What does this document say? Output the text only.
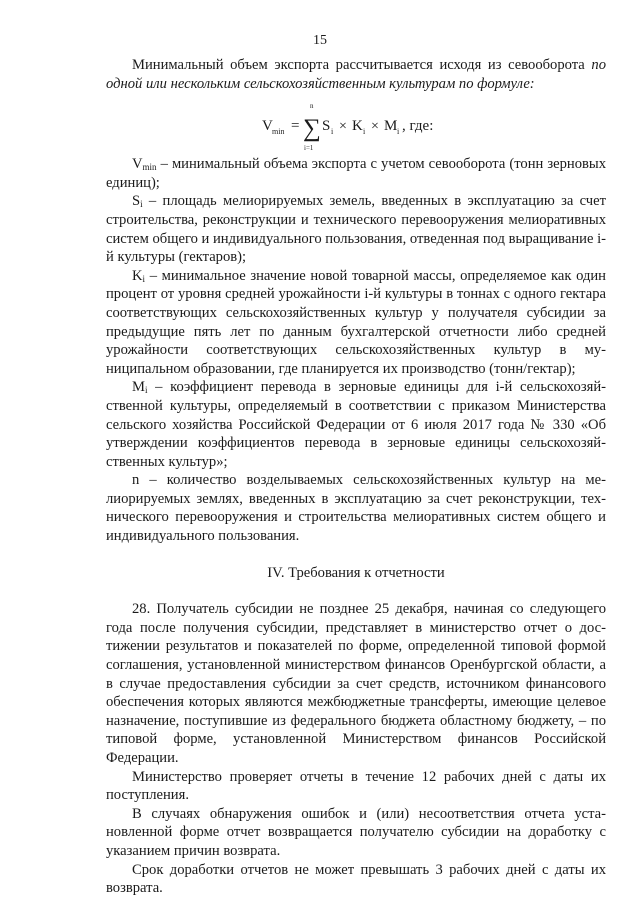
15

Минимальный объем экспорта рассчитывается исходя из севооборота по одной или нескольким сельскохозяйственным культурам по формуле:

V min =
n
∑
i=1
S i × K i × M i , где:

$V_{min}$ – минимальный объема экспорта с учетом севооборота (тонн зерновых единиц);

$S_i$ – площадь мелиорируемых земель, введенных в эксплуатацию за счет строительства, реконструкции и технического перевооружения мелиоративных систем общего и индивидуального пользования, отведенная под выращивание i-й культуры (гектаров);

$K_i$ – минимальное значение новой товарной массы, определяемое как один процент от уровня средней урожайности i-й культуры в тоннах с одного гектара соответствующих сельскохозяйственных культур у получателя субсидии за предыдущие пять лет по данным бухгалтерской отчетности либо средней урожайности соответствующих сельскохозяйственных культур в муниципальном образовании, где планируется их производство (тонн/гектар);

$M_i$ – коэффициент перевода в зерновые единицы для i-й сельскохозяйственной культуры, определяемый в соответствии с приказом Министерства сельского хозяйства Российской Федерации от 6 июля 2017 года № 330 «Об утверждении коэффициентов перевода в зерновые единицы сельскохозяйственных культур»;

n – количество возделываемых сельскохозяйственных культур на мелиорируемых землях, введенных в эксплуатацию за счет реконструкции, технического перевооружения и строительства мелиоративных систем общего и индивидуального пользования.

IV. Требования к отчетности

28. Получатель субсидии не позднее 25 декабря, начиная со следующего года после получения субсидии, представляет в министерство отчет о достижении результатов и показателей по форме, определенной типовой формой соглашения, установленной министерством финансов Оренбургской области, а в случае предоставления субсидии за счет средств, источником финансового обеспечения которых являются межбюджетные трансферты, имеющие целевое назначение, поступившие из федерального бюджета областному бюджету, – по типовой форме, установленной Министерством финансов Российской Федерации.

Министерство проверяет отчеты в течение 12 рабочих дней с даты их поступления.

В случаях обнаружения ошибок и (или) несоответствия отчета установленной форме отчет возвращается получателю субсидии на доработку с указанием причин возврата.

Срок доработки отчетов не может превышать 3 рабочих дней с даты их возврата.
